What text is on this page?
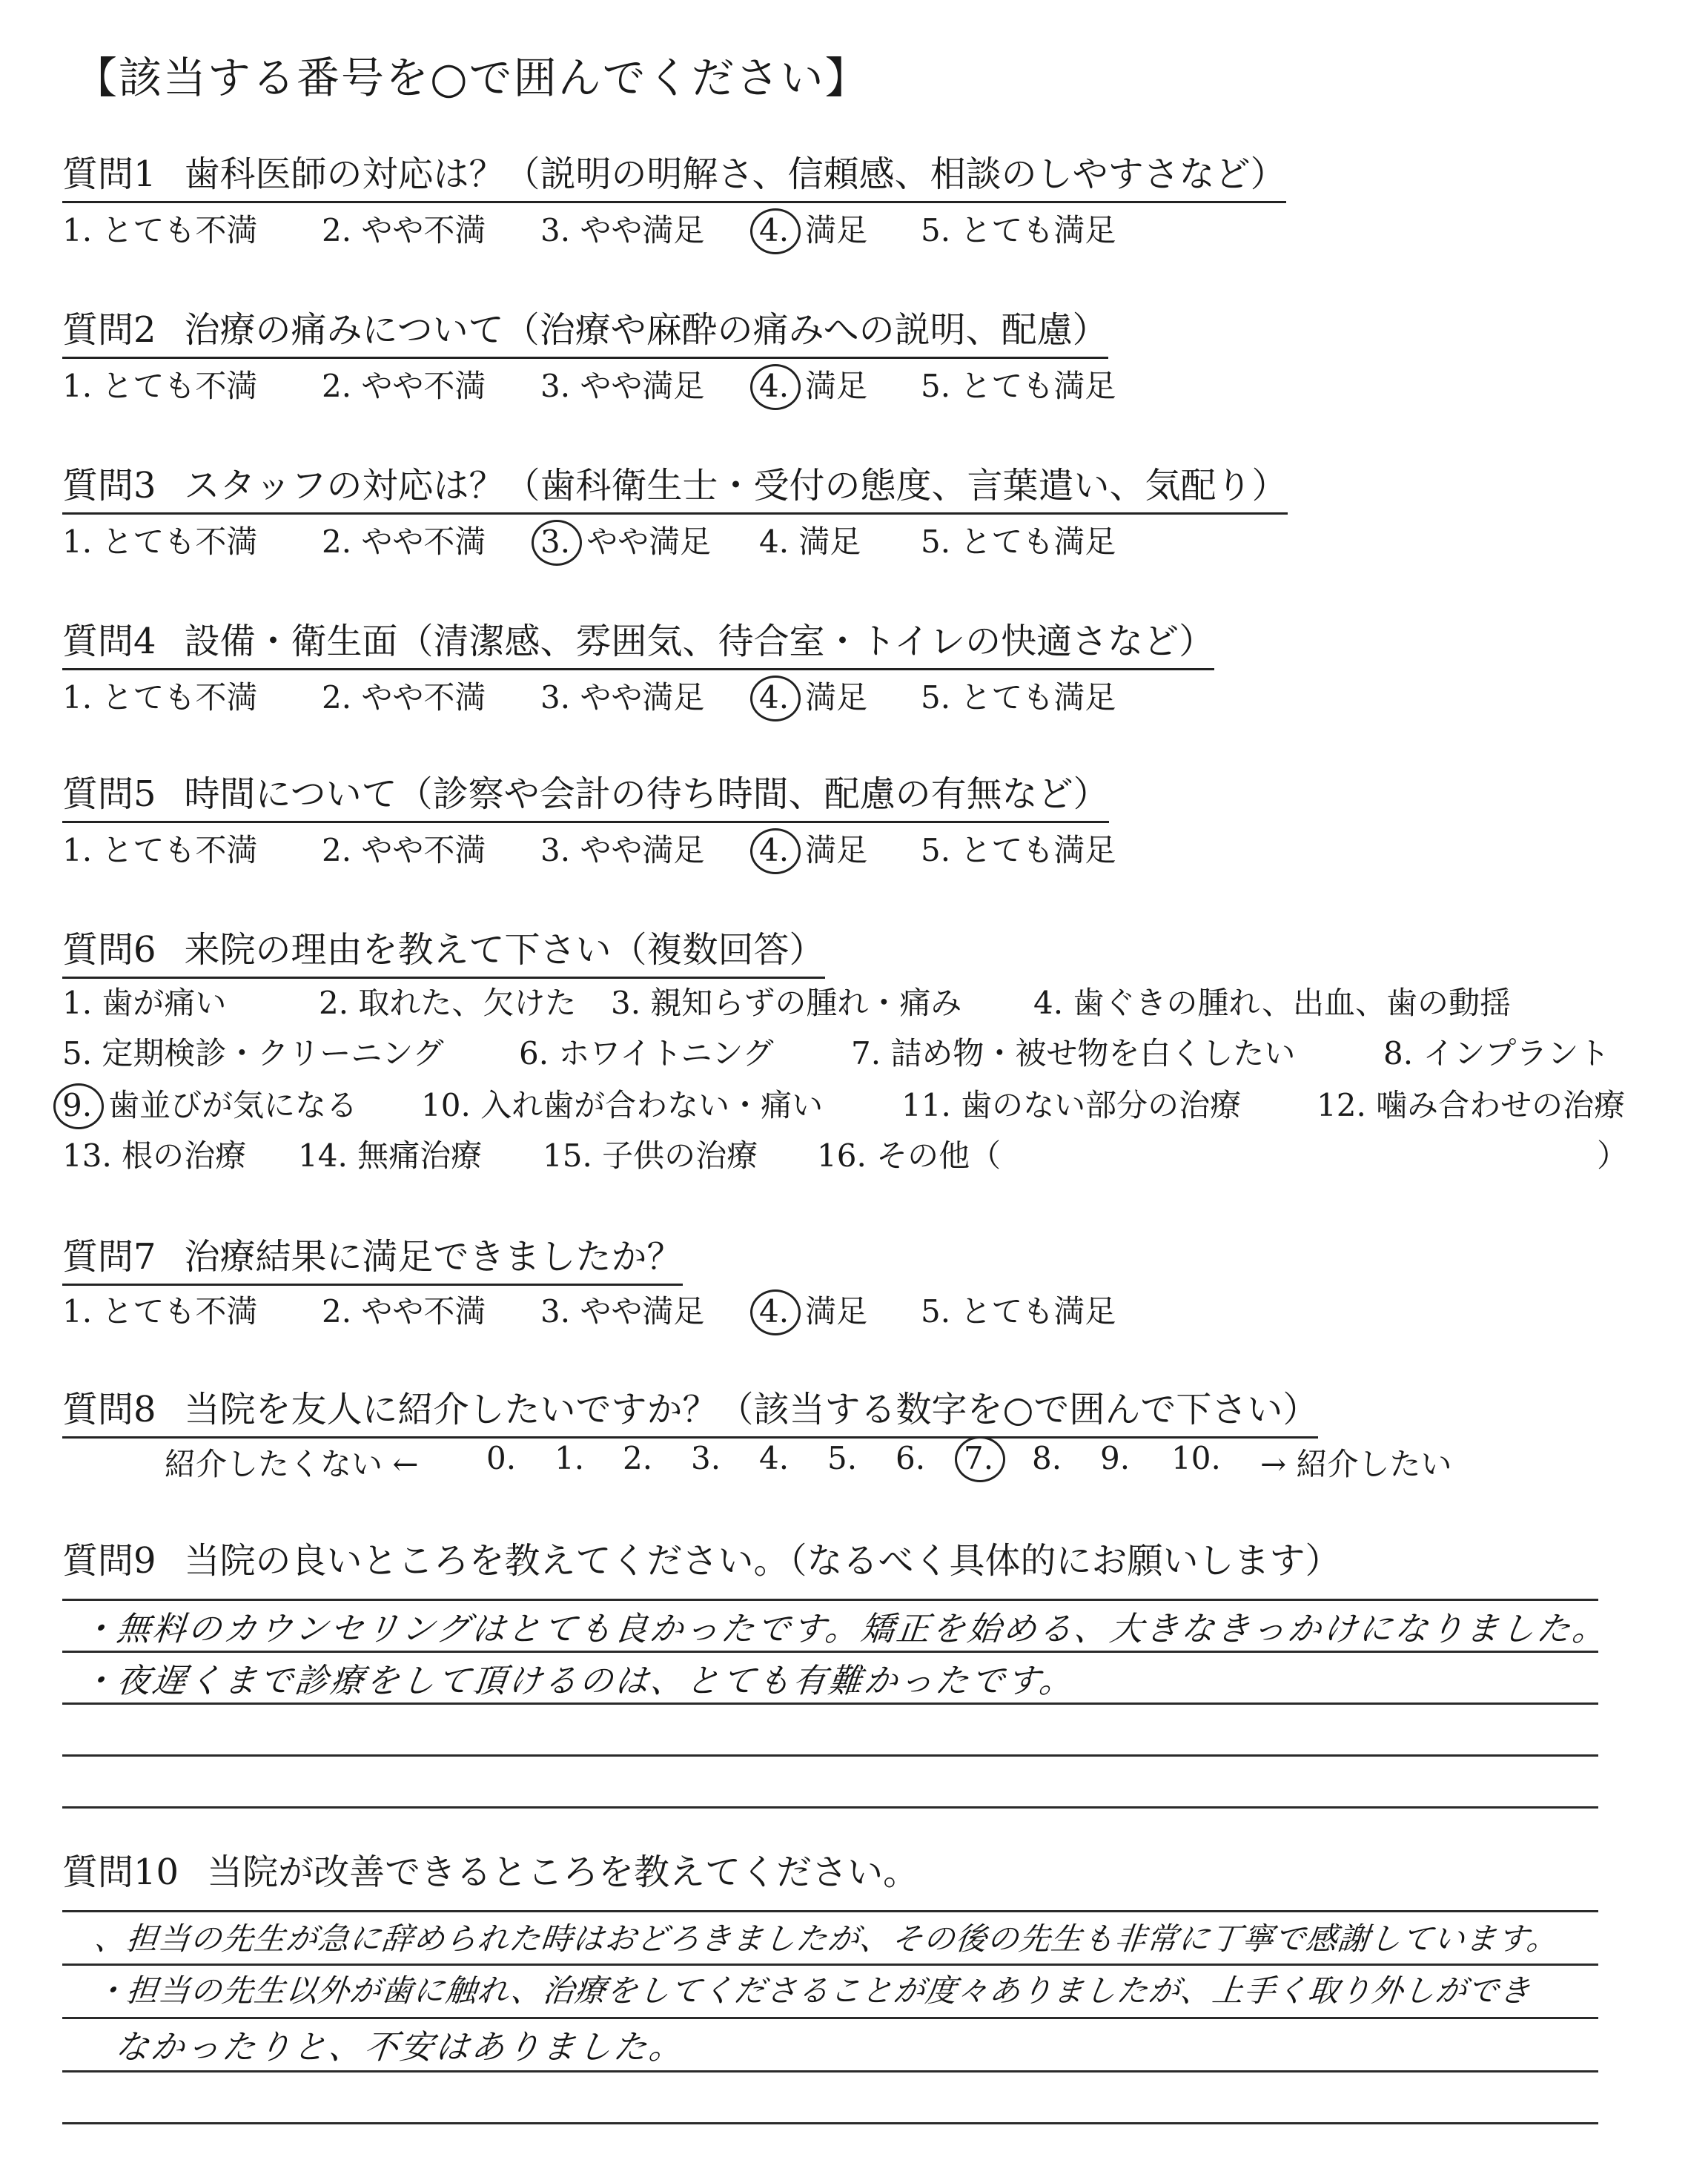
【該当する番号を○で囲んでください】
質問1 歯科医師の対応は？（説明の明解さ、信頼感、相談のしやすさなど）
1. とても不満 2. やや不満 3. やや満足 4. 満足 5. とても満足
質問2 治療の痛みについて（治療や麻酔の痛みへの説明、配慮）
1. とても不満 2. やや不満 3. やや満足 4. 満足 5. とても満足
質問3 スタッフの対応は？（歯科衛生士・受付の態度、言葉遣い、気配り）
1. とても不満 2. やや不満 3. やや満足 4. 満足 5. とても満足
質問4 設備・衛生面（清潔感、雰囲気、待合室・トイレの快適さなど）
1. とても不満 2. やや不満 3. やや満足 4. 満足 5. とても満足
質問5 時間について（診察や会計の待ち時間、配慮の有無など）
1. とても不満 2. やや不満 3. やや満足 4. 満足 5. とても満足
質問6 来院の理由を教えて下さい（複数回答）
1. 歯が痛い	2. 取れた、欠けた 3. 親知らずの腫れ・痛み 4. 歯ぐきの腫れ、出血、歯の動揺
5. 定期検診・クリーニング 6. ホワイトニング 7. 詰め物・被せ物を白くしたい	8. インプラント
9. 歯並びが気になる 10. 入れ歯が合わない・痛い	11. 歯のない部分の治療 12. 噛み合わせの治療
13. 根の治療 14. 無痛治療 15. 子供の治療 16. その他（	）
質問7 治療結果に満足できましたか？
1. とても不満 2. やや不満 3. やや満足 4. 満足 5. とても満足
質問8 当院を友人に紹介したいですか？（該当する数字を○で囲んで下さい）
紹介したくない ← 0. 1. 2. 3. 4. 5. 6. 7.	8. 9. 10. → 紹介したい
質問9 当院の良いところを教えてください。（なるべく具体的にお願いします）
・無料のカウンセリングはとても良かったです。矯正を始める、大きなきっかけになりました。
・夜遅くまで診療をして頂けるのは、とても有難かったです。
質問10 当院が改善できるところを教えてください。
、担当の先生が急に辞められた時はおどろきましたが、その後の先生も非常に丁寧で感謝しています。
・担当の先生以外が歯に触れ、治療をしてくださることが度々ありましたが、上手く取り外しができ
なかったりと、不安はありました。
